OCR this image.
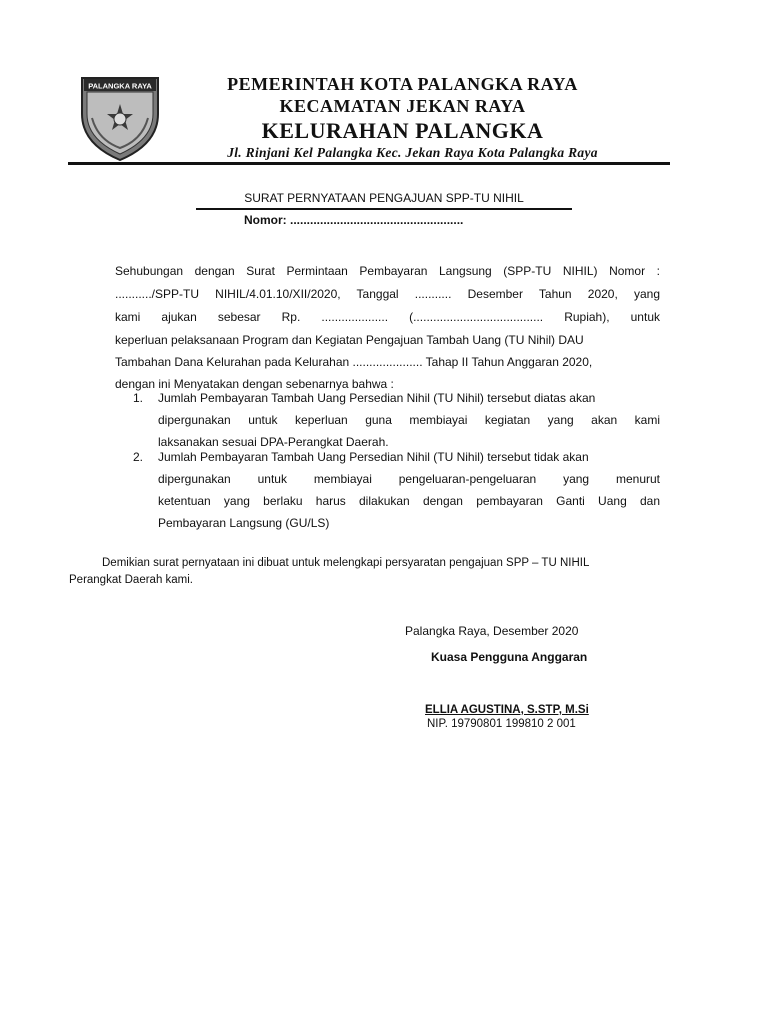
PALANGKA RAYA	PEMERINTAH KOTA PALANGKA RAYA
KECAMATAN JEKAN RAYA
KELURAHAN PALANGKA
Jl. Rinjani Kel Palangka Kec. Jekan Raya Kota Palangka Raya
SURAT PERNYATAAN PENGAJUAN SPP-TU NIHIL
Nomor: ....................................................
Sehubungan dengan Surat Permintaan Pembayaran Langsung (SPP-TU NIHIL) Nomor :
.........../SPP-TU NIHIL/4.01.10/XII/2020, Tanggal ........... Desember Tahun 2020, yang
kami ajukan sebesar Rp. .................... (....................................... Rupiah), untuk
keperluan pelaksanaan Program dan Kegiatan Pengajuan Tambah Uang (TU Nihil) DAU
Tambahan Dana Kelurahan pada Kelurahan ..................... Tahap II Tahun Anggaran 2020,
dengan ini Menyatakan dengan sebenarnya bahwa :
1. Jumlah Pembayaran Tambah Uang Persedian Nihil (TU Nihil) tersebut diatas akan
dipergunakan untuk keperluan guna membiayai kegiatan yang akan kami
laksanakan sesuai DPA-Perangkat Daerah.
2. Jumlah Pembayaran Tambah Uang Persedian Nihil (TU Nihil) tersebut tidak akan
dipergunakan untuk membiayai pengeluaran-pengeluaran yang menurut
ketentuan yang berlaku harus dilakukan dengan pembayaran Ganti Uang dan
Pembayaran Langsung (GU/LS)
Demikian surat pernyataan ini dibuat untuk melengkapi persyaratan pengajuan SPP – TU NIHIL
Perangkat Daerah kami.
Palangka Raya, Desember 2020
Kuasa Pengguna Anggaran
ELLIA AGUSTINA, S.STP, M.Si
NIP. 19790801 199810 2 001
